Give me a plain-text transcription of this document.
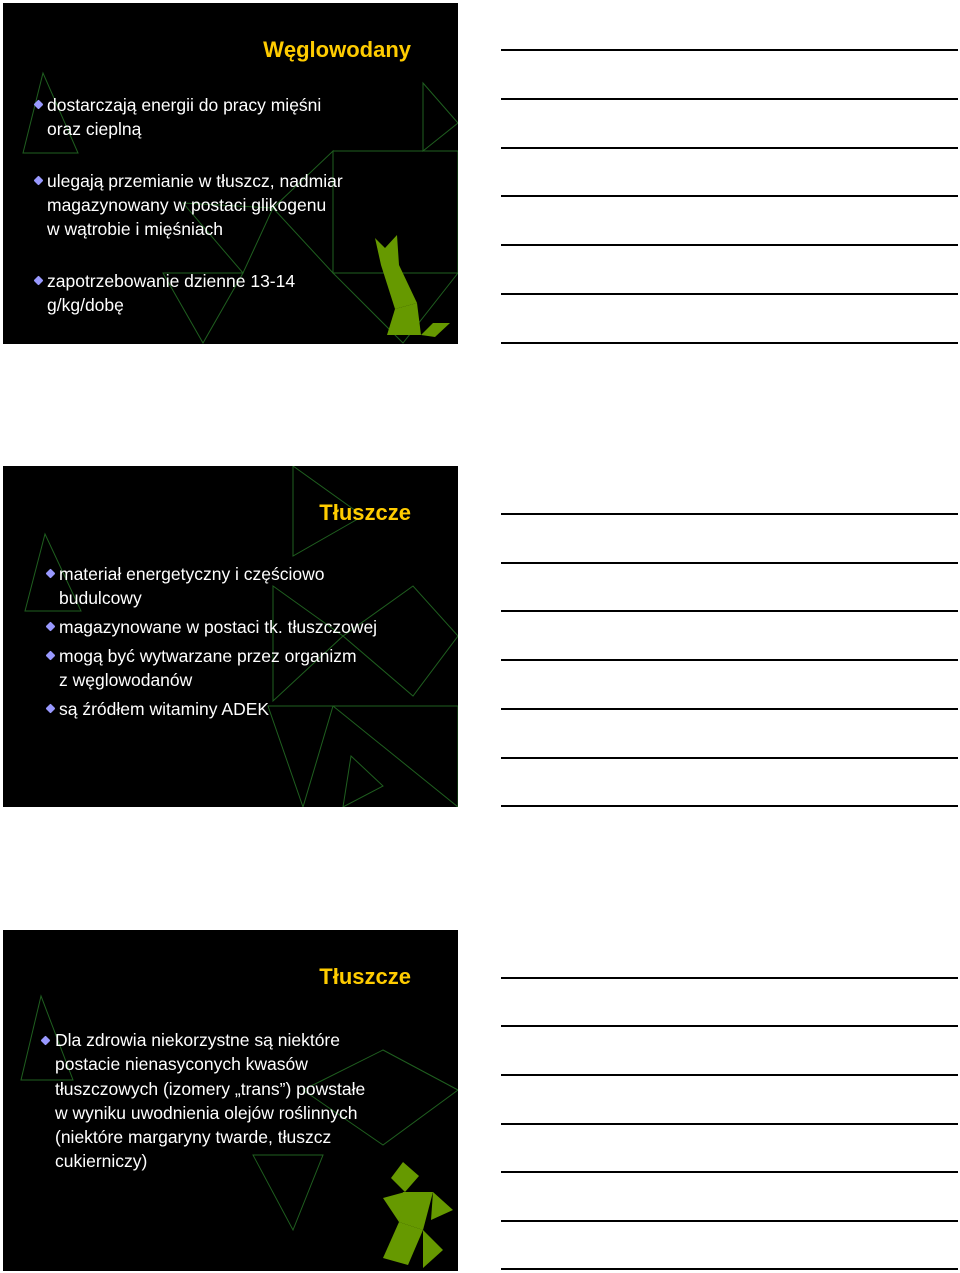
Węglowodany
dostarczają energii do pracy mięśni
oraz cieplną
ulegają przemianie w tłuszcz, nadmiar
magazynowany w postaci glikogenu
w wątrobie i mięśniach
zapotrzebowanie dzienne 13-14
g/kg/dobę
Tłuszcze
materiał energetyczny i częściowo
budulcowy
magazynowane w postaci tk. tłuszczowej
mogą być wytwarzane przez organizm
z węglowodanów
są źródłem witaminy ADEK
Tłuszcze
Dla zdrowia niekorzystne są niektóre
postacie nienasyconych kwasów
tłuszczowych (izomery „trans”) powstałe
w wyniku uwodnienia olejów roślinnych
(niektóre margaryny twarde, tłuszcz
cukierniczy)
